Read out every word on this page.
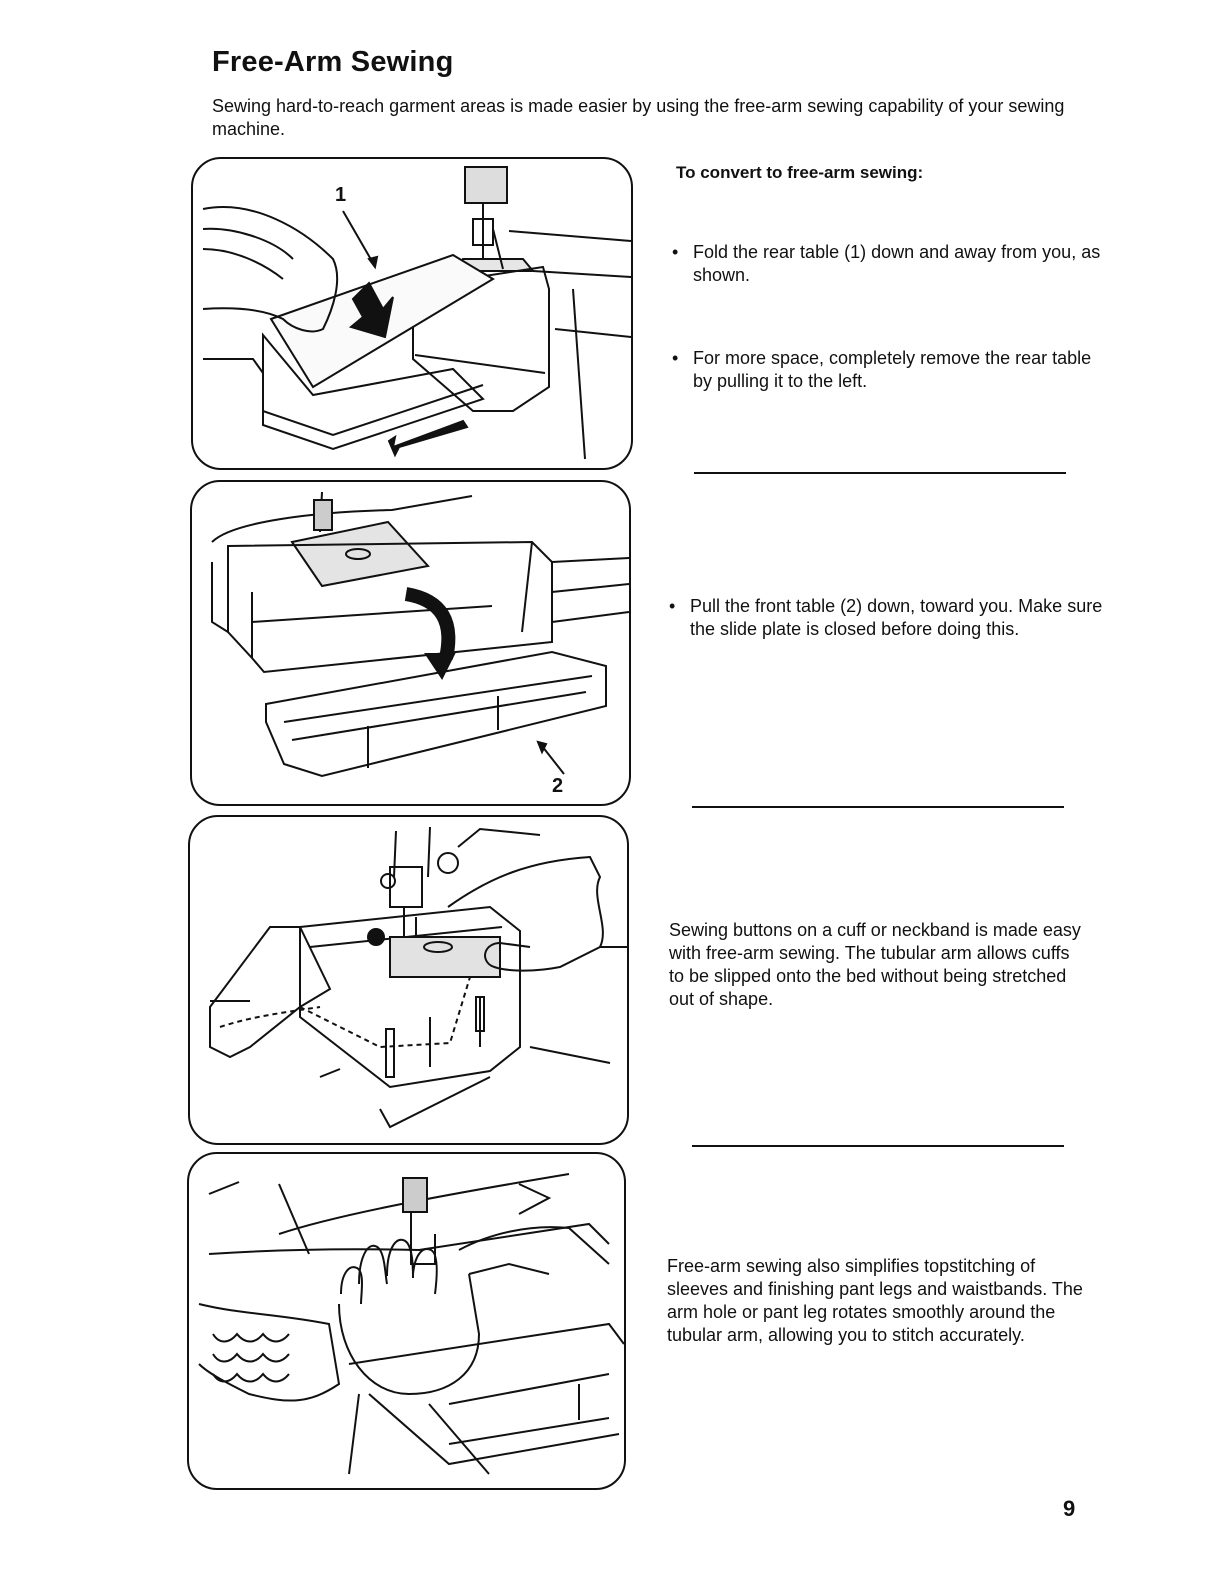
Free-Arm Sewing

Sewing hard-to-reach garment areas is made easier by using the free-arm sewing capability of your sewing machine.

1
2
To convert to free-arm sewing:

• Fold the rear table (1) down and away from you, as shown.

• For more space, completely remove the rear table by pulling it to the left.

• Pull the front table (2) down, toward you. Make sure the slide plate is closed before doing this.

Sewing buttons on a cuff or neckband is made easy with free-arm sewing. The tubular arm allows cuffs to be slipped onto the bed without being stretched out of shape.

Free-arm sewing also simplifies topstitching of sleeves and finishing pant legs and waistbands. The arm hole or pant leg rotates smoothly around the tubular arm, allowing you to stitch accurately.

9
